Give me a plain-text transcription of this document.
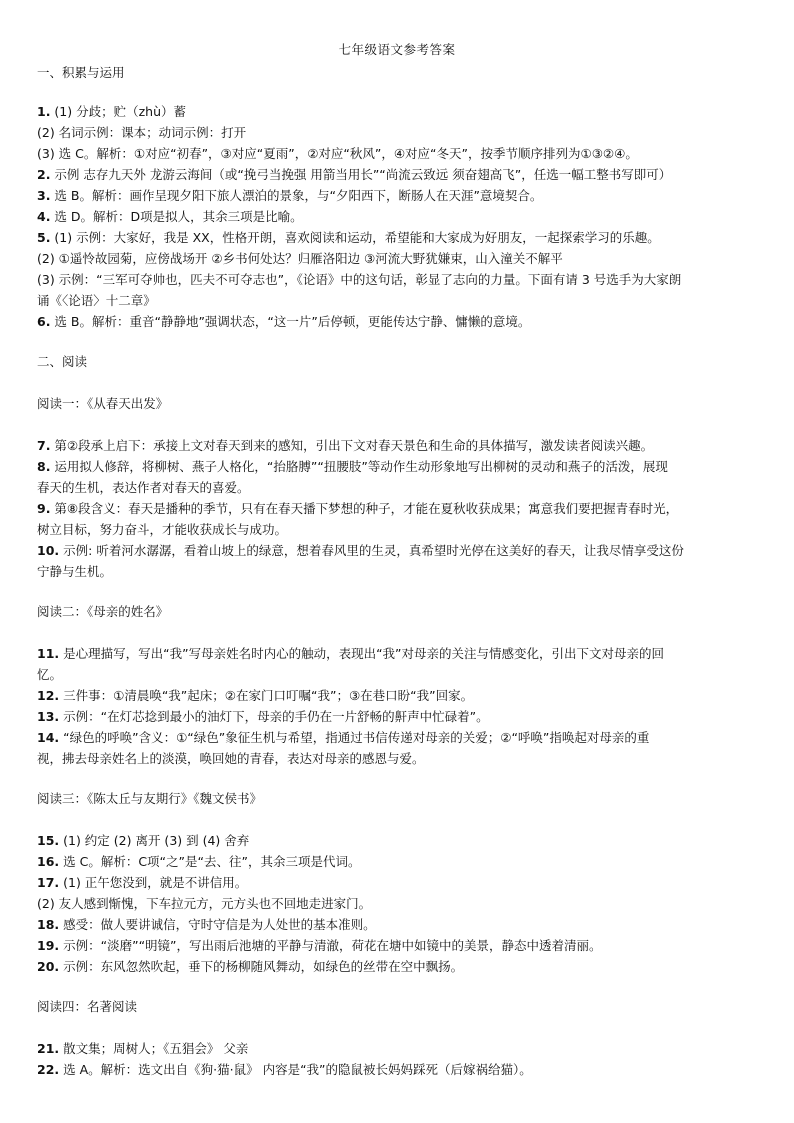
七年级语文参考答案
一、积累与运用
1. (1) 分歧；贮（zhù）蓄
(2) 名词示例：课本；动词示例：打开
(3) 选 C。解析：①对应“初春”，③对应“夏雨”，②对应“秋风”，④对应“冬天”，按季节顺序排列为①③②④。
2. 示例 志存九天外 龙游云海间（或“挽弓当挽强 用箭当用长”“尚流云致远 须奋翅高飞”，任选一幅工整书写即可）
3. 选 B。解析：画作呈现夕阳下旅人漂泊的景象，与“夕阳西下，断肠人在天涯”意境契合。
4. 选 D。解析：D项是拟人，其余三项是比喻。
5. (1) 示例：大家好，我是 XX，性格开朗，喜欢阅读和运动，希望能和大家成为好朋友，一起探索学习的乐趣。
(2) ①遥怜故园菊，应傍战场开 ②乡书何处达？归雁洛阳边 ③河流大野犹嫌束，山入潼关不解平
(3) 示例：“三军可夺帅也，匹夫不可夺志也”，《论语》中的这句话，彰显了志向的力量。下面有请 3 号选手为大家朗
诵《〈论语〉十二章》
6. 选 B。解析：重音“静静地”强调状态，“这一片”后停顿，更能传达宁静、慵懒的意境。
二、阅读
阅读一：《从春天出发》
7. 第②段承上启下：承接上文对春天到来的感知，引出下文对春天景色和生命的具体描写，激发读者阅读兴趣。
8. 运用拟人修辞，将柳树、燕子人格化，“抬胳膊”“扭腰肢”等动作生动形象地写出柳树的灵动和燕子的活泼，展现
春天的生机，表达作者对春天的喜爱。
9. 第⑧段含义：春天是播种的季节，只有在春天播下梦想的种子，才能在夏秋收获成果；寓意我们要把握青春时光，
树立目标，努力奋斗，才能收获成长与成功。
10. 示例: 听着河水潺潺，看着山坡上的绿意，想着春风里的生灵，真希望时光停在这美好的春天，让我尽情享受这份
宁静与生机。
阅读二：《母亲的姓名》
11. 是心理描写，写出“我”写母亲姓名时内心的触动，表现出“我”对母亲的关注与情感变化，引出下文对母亲的回
忆。
12. 三件事：①清晨唤“我”起床；②在家门口叮嘱“我”；③在巷口盼“我”回家。
13. 示例：“在灯芯捻到最小的油灯下，母亲的手仍在一片舒畅的鼾声中忙碌着”。
14. “绿色的呼唤”含义：①“绿色”象征生机与希望，指通过书信传递对母亲的关爱；②“呼唤”指唤起对母亲的重
视，拂去母亲姓名上的淡漠，唤回她的青春，表达对母亲的感恩与爱。
阅读三：《陈太丘与友期行》《魏文侯书》
15. (1) 约定 (2) 离开 (3) 到 (4) 舍弃
16. 选 C。解析：C项“之”是“去、往”，其余三项是代词。
17. (1) 正午您没到，就是不讲信用。
(2) 友人感到惭愧，下车拉元方，元方头也不回地走进家门。
18. 感受：做人要讲诚信，守时守信是为人处世的基本准则。
19. 示例：“淡磨”“明镜”，写出雨后池塘的平静与清澈，荷花在塘中如镜中的美景，静态中透着清丽。
20. 示例：东风忽然吹起，垂下的杨柳随风舞动，如绿色的丝带在空中飘扬。
阅读四：名著阅读
21. 散文集；周树人；《五猖会》 父亲
22. 选 A。解析：选文出自《狗·猫·鼠》 内容是“我”的隐鼠被长妈妈踩死（后嫁祸给猫）。
